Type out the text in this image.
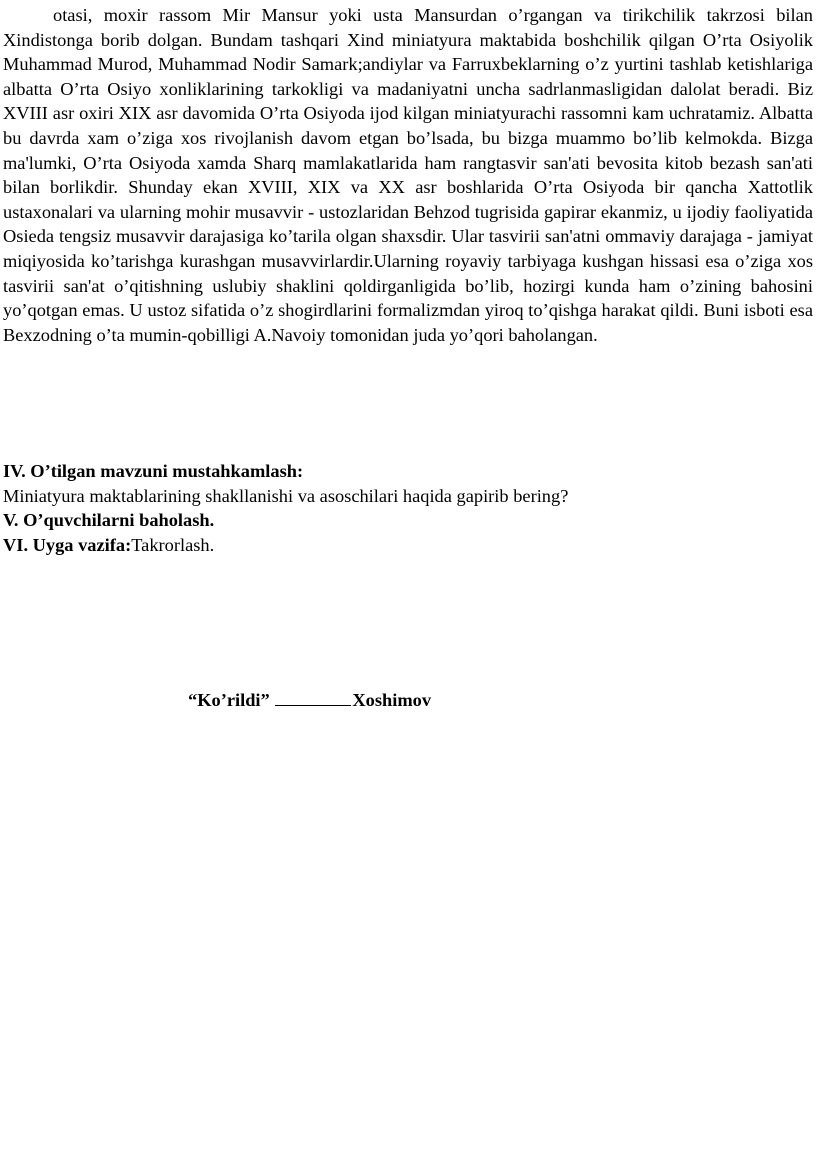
otasi, moxir rassom Mir Mansur yoki usta Mansurdan o’rgangan va tirikchilik takrzosi bilan Xindistonga borib dolgan. Bundam tashqari Xind miniatyura maktabida boshchilik qilgan O’rta Osiyolik Muhammad Murod, Muhammad Nodir Samark;andiylar va Farruxbeklarning o’z yurtini tashlab ketishlariga albatta O’rta Osiyo xonliklarining tarkokligi va madaniyatni uncha sadrlanmasligidan dalolat beradi. Biz XVIII asr oxiri XIX asr davomida O’rta Osiyoda ijod kilgan miniatyurachi rassomni kam uchratamiz. Albatta bu davrda xam o’ziga xos rivojlanish davom etgan bo’lsada, bu bizga muammo bo’lib kelmokda. Bizga ma'lumki, O’rta Osiyoda xamda Sharq mamlakatlarida ham rangtasvir san'ati bevosita kitob bezash san'ati bilan borlikdir. Shunday ekan XVIII, XIX va XX asr boshlarida O’rta Osiyoda bir qancha Xattotlik ustaxonalari va ularning mohir musavvir - ustozlaridan Behzod tugrisida gapirar ekanmiz, u ijodiy faoliyatida Osieda tengsiz musavvir darajasiga ko’tarila olgan shaxsdir. Ular tasvirii san'atni ommaviy darajaga - jamiyat miqiyosida ko’tarishga kurashgan musavvirlardir.Ularning royaviy tarbiyaga kushgan hissasi esa o’ziga xos tasvirii san'at o’qitishning uslubiy shaklini qoldirganligida bo’lib, hozirgi kunda ham o’zining bahosini yo’qotgan emas. U ustoz sifatida o’z shogirdlarini formalizmdan yiroq to’qishga harakat qildi. Buni isboti esa Bexzodning o’ta mumin-qobilligi A.Navoiy tomonidan juda yo’qori baholangan.

IV. O’tilgan mavzuni mustahkamlash:
Miniatyura maktablarining shakllanishi va asoschilari haqida gapirib bering?
V. O’quvchilarni baholash.
VI. Uyga vazifa:Takrorlash.
“Ko’rildi”	Xoshimov
